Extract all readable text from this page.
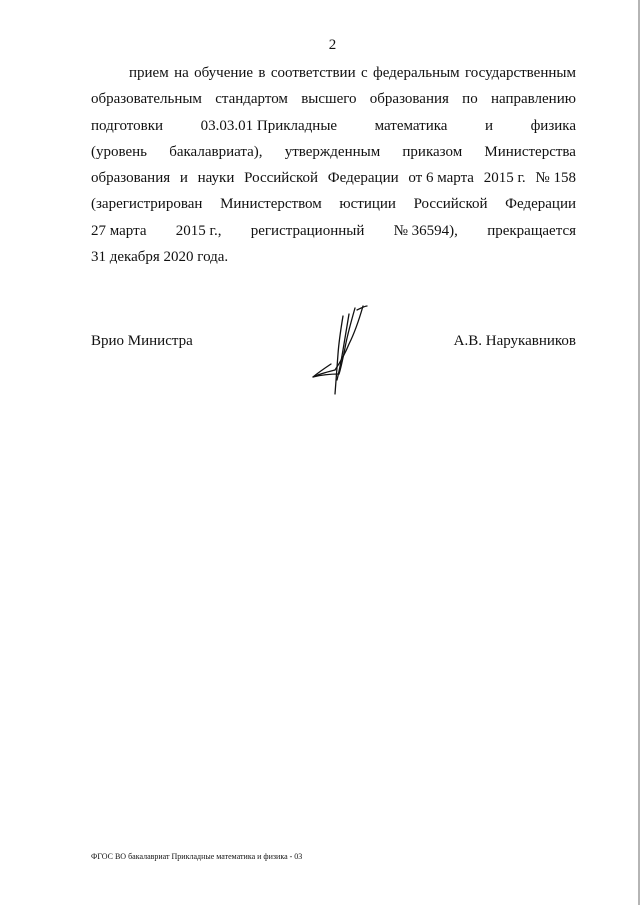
2
прием на обучение в соответствии с федеральным государственным
образовательным стандартом высшего образования по направлению
подготовки	03.03.01 Прикладные	математика	и	физика
(уровень бакалавриата), утвержденным приказом Министерства
образования и науки Российской Федерации от 6 марта 2015 г. № 158
(зарегистрирован Министерством юстиции Российской Федерации
27 марта 2015 г., регистрационный № 36594), прекращается
31 декабря 2020 года.
Врио Министра	А.В. Нарукавников
ФГОС ВО бакалавриат Прикладные математика и физика - 03
